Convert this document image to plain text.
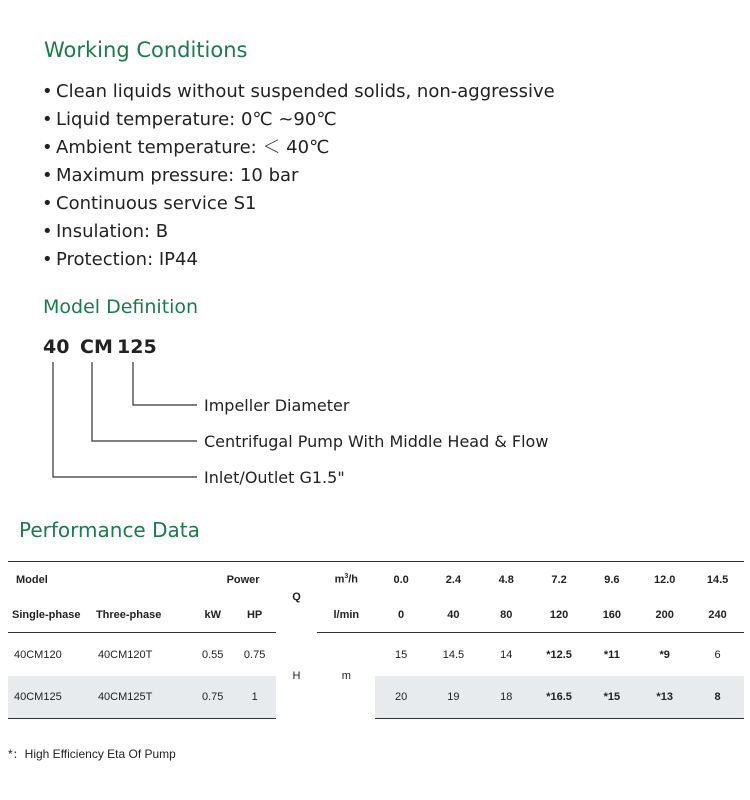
Working Conditions
• Clean liquids without suspended solids, non-aggressive
• Liquid temperature: 0℃ ~90℃
• Ambient temperature: ＜ 40℃
• Maximum pressure: 10 bar
• Continuous service S1
• Insulation: B
• Protection: IP44
Model Definition
40 CM 125
Impeller Diameter
Centrifugal Pump With Middle Head & Flow
Inlet/Outlet G1.5"
Performance Data
Model		Power		Q	$m^3/h$	0.0	2.4	4.8	7.2	9.6	12.0	14.5
Single-phase	Three-phase	kW	HP		l/min	0	40	80	120	160	200	240
40CM120	40CM120T	0.55	0.75	H	m	15	14.5	14	*12.5	*11	*9	6
40CM125	40CM125T	0.75	1			20	19	18	*16.5	*15	*13	8
*：High Efficiency Eta Of Pump
